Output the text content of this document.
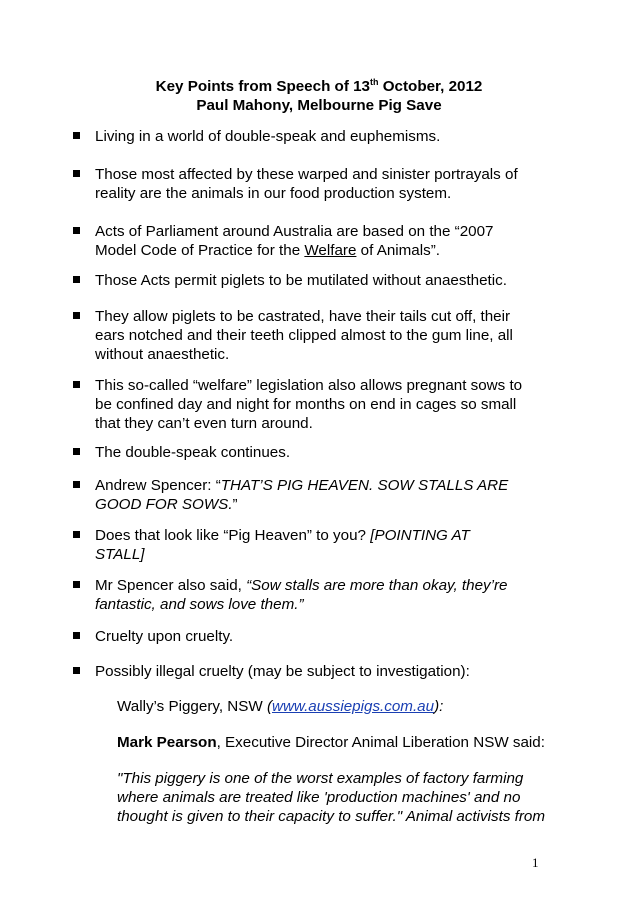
Key Points from Speech of 13th October, 2012
Paul Mahony, Melbourne Pig Save
Living in a world of double-speak and euphemisms.
Those most affected by these warped and sinister portrayals of
reality are the animals in our food production system.
Acts of Parliament around Australia are based on the “2007
Model Code of Practice for the Welfare of Animals”.
Those Acts permit piglets to be mutilated without anaesthetic.
They allow piglets to be castrated, have their tails cut off, their
ears notched and their teeth clipped almost to the gum line, all
without anaesthetic.
This so-called “welfare” legislation also allows pregnant sows to
be confined day and night for months on end in cages so small
that they can’t even turn around.
The double-speak continues.
Andrew Spencer: “THAT’S PIG HEAVEN. SOW STALLS ARE
GOOD FOR SOWS.”
Does that look like “Pig Heaven” to you? [POINTING AT
STALL]
Mr Spencer also said, “Sow stalls are more than okay, they’re
fantastic, and sows love them.”
Cruelty upon cruelty.
Possibly illegal cruelty (may be subject to investigation):
Wally’s Piggery, NSW (www.aussiepigs.com.au):
Mark Pearson, Executive Director Animal Liberation NSW said:
"This piggery is one of the worst examples of factory farming
where animals are treated like 'production machines' and no
thought is given to their capacity to suffer." Animal activists from
1
